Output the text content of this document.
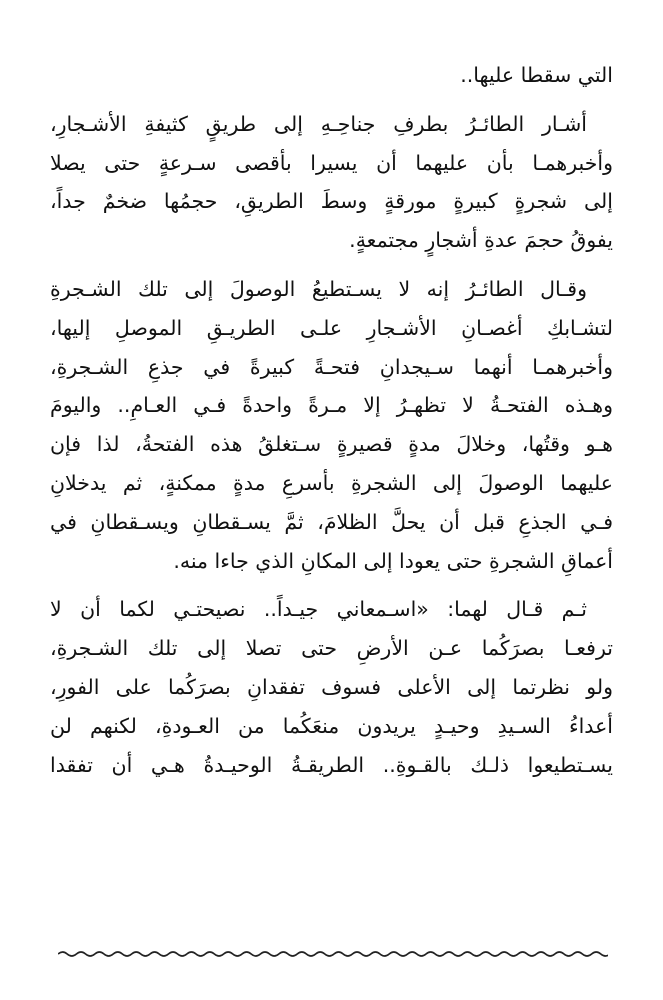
التي سقطا عليها..
أشـار الطائـرُ بطرفِ جناحِـهِ إلى طريقٍ كثيفةِ الأشـجارِ،
وأخبرهمـا بأن عليهما أن يسيرا بأقصى سـرعةٍ حتى يصلا
إلى شجرةٍ كبيرةٍ مورقةٍ وسطَ الطريقِ، حجمُها ضخمٌ جداً،
يفوقُ حجمَ عدةِ أشجارٍ مجتمعةٍ.
وقـال الطائـرُ إنه لا يسـتطيعُ الوصولَ إلى تلك الشـجرةِ
لتشـابكِ أغصـانِ الأشـجارِ علـى الطريـقِ الموصلِ إليها،
وأخبرهمـا أنهما سـيجدانِ فتحـةً كبيرةً في جذعِ الشـجرةِ،
وهـذه الفتحـةُ لا تظهـرُ إلا مـرةً واحدةً فـي العـامِ.. واليومَ
هـو وقتُها، وخلالَ مدةٍ قصيرةٍ سـتغلقُ هذه الفتحةُ، لذا فإن
عليهما الوصولَ إلى الشجرةِ بأسرعِ مدةٍ ممكنةٍ، ثم يدخلانِ
فـي الجذعِ قبل أن يحلَّ الظلامَ، ثمَّ يسـقطانِ ويسـقطانِ في
أعماقِ الشجرةِ حتى يعودا إلى المكانِ الذي جاءا منه.
ثـم قـال لهما: «اسـمعاني جيـداً.. نصيحتـي لكما أن لا
ترفعـا بصرَكُما عـن الأرضِ حتى تصلا إلى تلك الشـجرةِ،
ولو نظرتما إلى الأعلى فسوف تفقدانِ بصرَكُما على الفورِ،
أعداءُ السـيدِ وحيـدٍ يريدون منعَكُما من العـودةِ، لكنهم لن
يسـتطيعوا ذلـك بالقـوةِ.. الطريقـةُ الوحيـدةُ هـي أن تفقدا
